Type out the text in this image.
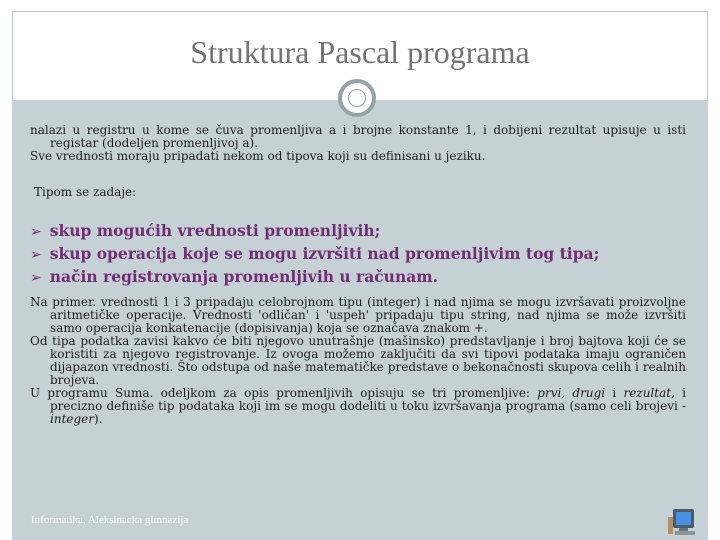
Struktura Pascal programa

nalazi u registru u kome se čuva promenljiva a i brojne konstante 1, i dobijeni rezultat upisuje u isti registar (dodeljen promenljivoj a).

Sve vrednosti moraju pripadati nekom od tipova koji su definisani u jeziku.

Tipom se zadaje:
➢ skup mogućih vrednosti promenljivih;
➢ skup operacija koje se mogu izvršiti nad promenljivim tog tipa;
➢ način registrovanja promenljivih u računam.

Na primer. vrednosti 1 i 3 pripadaju celobrojnom tipu (integer) i nad njima se mogu izvršavati proizvoljne aritmetičke operacije. Vrednosti 'odličan' i 'uspeh' pripadaju tipu string, nad njima se može izvršiti samo operacija konkatenacije (dopisivanja) koja se označava znakom +.

Od tipa podatka zavisi kakvo će biti njegovo unutrašnje (mašinsko) predstavljanje i broj bajtova koji će se koristiti za njegovo registrovanje. Iz ovoga možemo zaključiti da svi tipovi podataka imaju ograničen dijapazon vrednosti. Što odstupa od naše matematičke predstave o bekonačnosti skupova celih i realnih brojeva.

U programu Suma. odeljkom za opis promenljivih opisuju se tri promenljive: prvi, drugi i rezultat, i precizno definiše tip podataka koji im se mogu dodeliti u toku izvršavanja programa (samo celi brojevi - integer).

Informatika, Aleksinacka gimnazija
